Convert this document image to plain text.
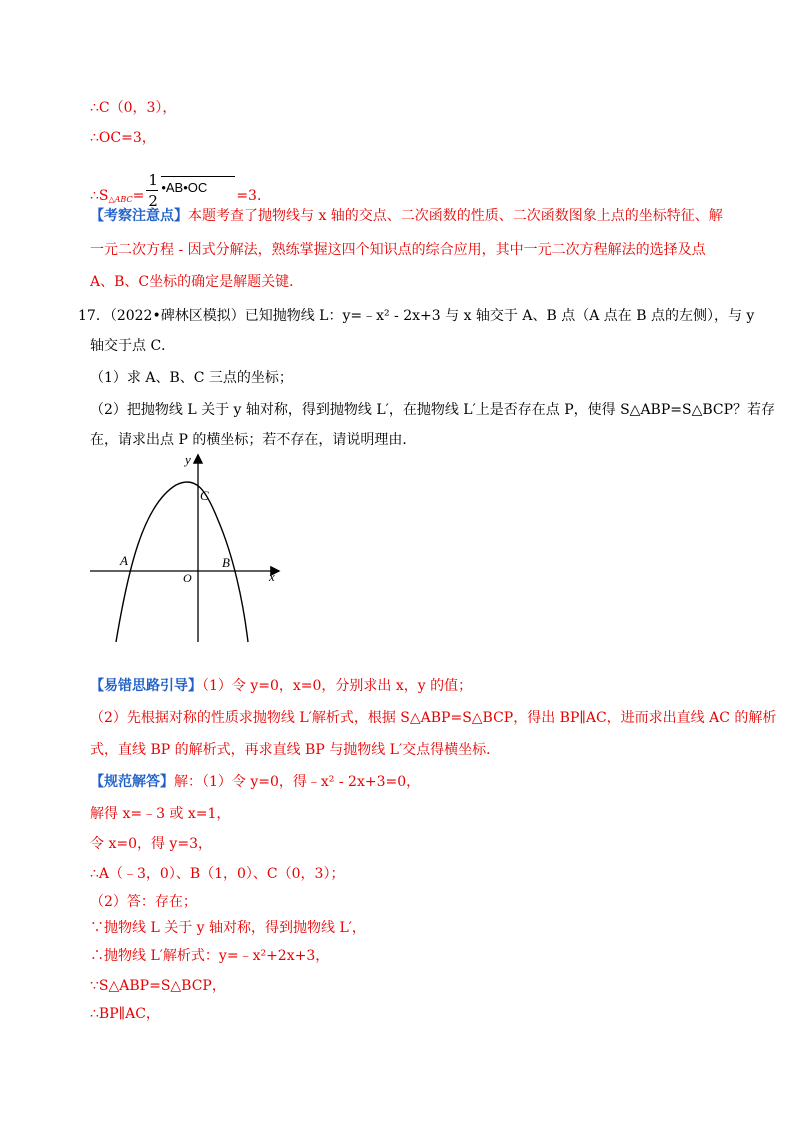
∴C（0，3），
∴OC=3，
$\therefore S_{\triangle ABC}=$
1
2
•AB•OC
=3．
【考察注意点】本题考查了抛物线与 x 轴的交点、二次函数的性质、二次函数图象上点的坐标特征、解
一元二次方程 - 因式分解法，熟练掌握这四个知识点的综合应用，其中一元二次方程解法的选择及点
A、B、C坐标的确定是解题关键．
17．（2022•碑林区模拟）已知抛物线 L：y=﹣x² - 2x+3 与 x 轴交于 A、B 点（A 点在 B 点的左侧），与 y
轴交于点 C．
（1）求 A、B、C 三点的坐标；
（2）把抛物线 L 关于 y 轴对称，得到抛物线 L′，在抛物线 L′上是否存在点 P，使得 S△ABP=S△BCP？若存
在，请求出点 P 的横坐标；若不存在，请说明理由．
y
x
O
A	B
C
【易错思路引导】（1）令 y=0，x=0，分别求出 x，y 的值；
（2）先根据对称的性质求抛物线 L′解析式，根据 S△ABP=S△BCP，得出 BP∥AC，进而求出直线 AC 的解析
式，直线 BP 的解析式，再求直线 BP 与抛物线 L′交点得横坐标．
【规范解答】解：（1）令 y=0，得﹣x² - 2x+3=0，
解得 x=﹣3 或 x=1，
令 x=0，得 y=3，
∴A（﹣3，0）、B（1，0）、C（0，3）；
（2）答：存在；
∵抛物线 L 关于 y 轴对称，得到抛物线 L′，
∴抛物线 L′解析式：y=﹣x²+2x+3，
∵S△ABP=S△BCP，
∴BP∥AC，
